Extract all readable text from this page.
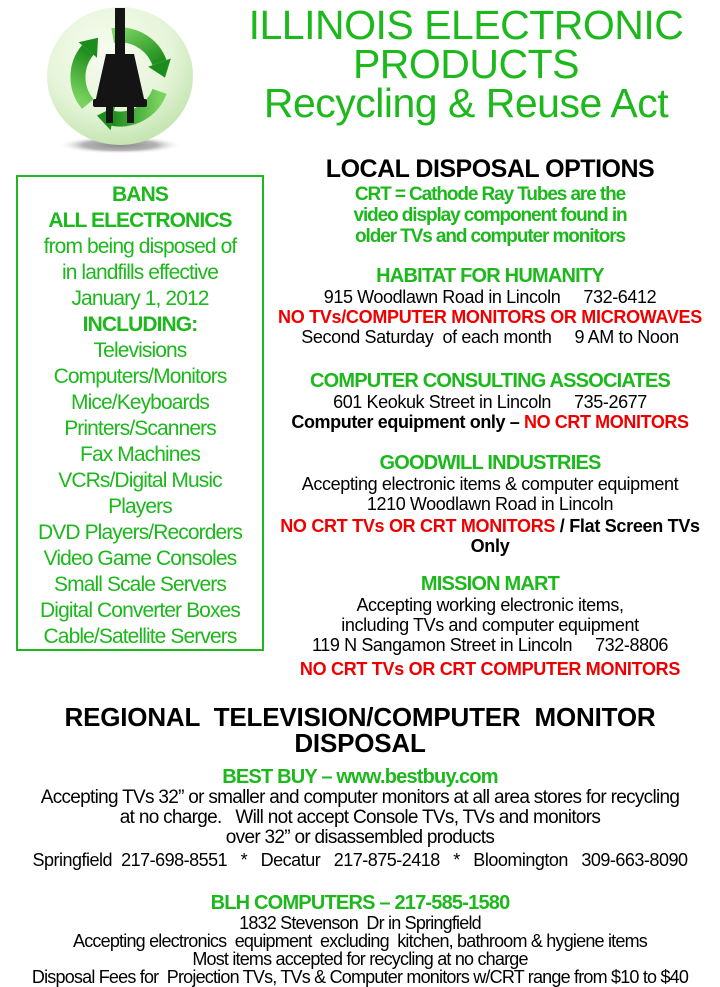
ILLINOIS ELECTRONIC
PRODUCTS
Recycling & Reuse Act
BANS
ALL ELECTRONICS
from being disposed of
in landfills effective
January 1, 2012
INCLUDING:
Televisions
Computers/Monitors
Mice/Keyboards
Printers/Scanners
Fax Machines
VCRs/Digital Music
Players
DVD Players/Recorders
Video Game Consoles
Small Scale Servers
Digital Converter Boxes
Cable/Satellite Servers
LOCAL DISPOSAL OPTIONS
CRT = Cathode Ray Tubes are the
video display component found in
older TVs and computer monitors
HABITAT FOR HUMANITY
915 Woodlawn Road in Lincoln     732-6412
NO TVs/COMPUTER MONITORS OR MICROWAVES
Second Saturday  of each month     9 AM to Noon
COMPUTER CONSULTING ASSOCIATES
601 Keokuk Street in Lincoln     735-2677
Computer equipment only – NO CRT MONITORS
GOODWILL INDUSTRIES
Accepting electronic items & computer equipment
1210 Woodlawn Road in Lincoln
NO CRT TVs OR CRT MONITORS / Flat Screen TVs Only
MISSION MART
Accepting working electronic items,
including TVs and computer equipment
119 N Sangamon Street in Lincoln     732-8806
NO CRT TVs OR CRT COMPUTER MONITORS
REGIONAL  TELEVISION/COMPUTER  MONITOR  DISPOSAL
BEST BUY – www.bestbuy.com
Accepting TVs 32” or smaller and computer monitors at all area stores for recycling
at no charge.   Will not accept Console TVs, TVs and monitors
over 32” or disassembled products
Springfield  217-698-8551   *   Decatur   217-875-2418   *   Bloomington   309-663-8090
BLH COMPUTERS – 217-585-1580
1832 Stevenson  Dr in Springfield
Accepting electronics  equipment  excluding  kitchen, bathroom & hygiene items
Most items accepted for recycling at no charge
Disposal Fees for  Projection TVs, TVs & Computer monitors w/CRT range from $10 to $40
